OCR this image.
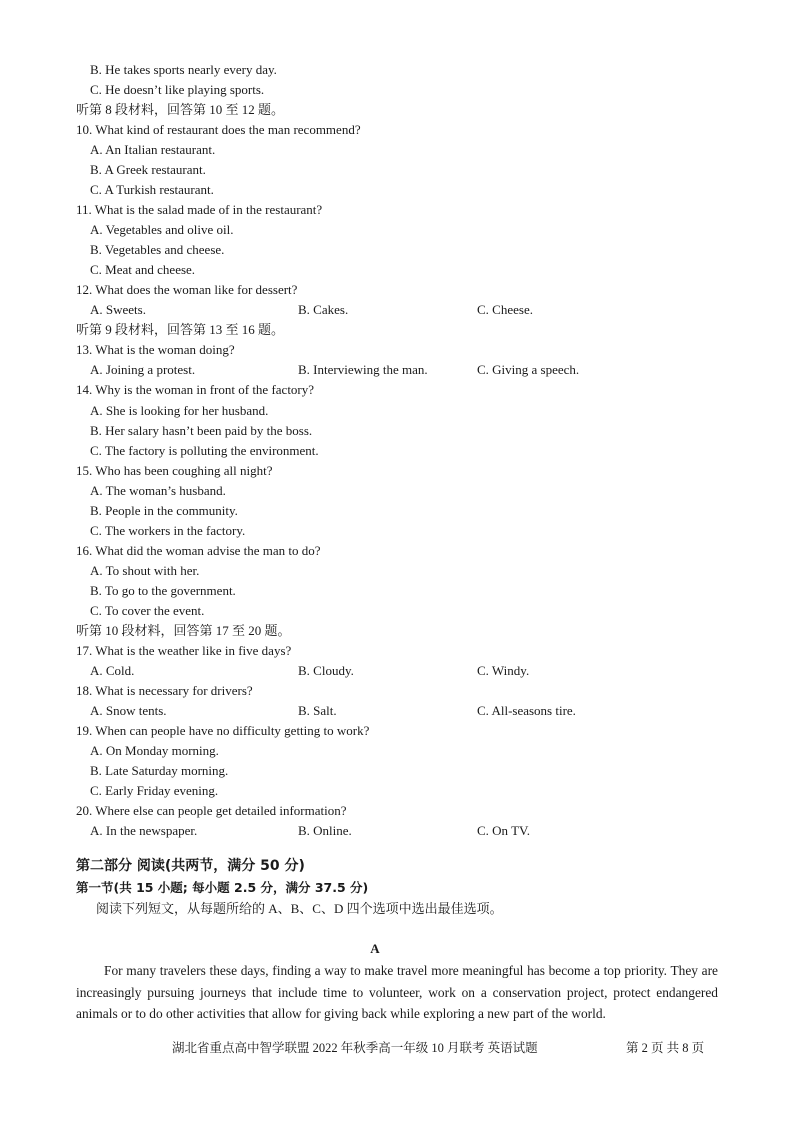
B. He takes sports nearly every day.
C. He doesn’t like playing sports.
听第 8 段材料，回答第 10 至 12 题。
10. What kind of restaurant does the man recommend?
A. An Italian restaurant.
B. A Greek restaurant.
C. A Turkish restaurant.
11. What is the salad made of in the restaurant?
A. Vegetables and olive oil.
B. Vegetables and cheese.
C. Meat and cheese.
12. What does the woman like for dessert?
A. Sweets.	B. Cakes.	C. Cheese.
听第 9 段材料，回答第 13 至 16 题。
13. What is the woman doing?
A. Joining a protest.	B. Interviewing the man.	C. Giving a speech.
14. Why is the woman in front of the factory?
A. She is looking for her husband.
B. Her salary hasn’t been paid by the boss.
C. The factory is polluting the environment.
15. Who has been coughing all night?
A. The woman’s husband.
B. People in the community.
C. The workers in the factory.
16. What did the woman advise the man to do?
A. To shout with her.
B. To go to the government.
C. To cover the event.
听第 10 段材料，回答第 17 至 20 题。
17. What is the weather like in five days?
A. Cold.	B. Cloudy.	C. Windy.
18. What is necessary for drivers?
A. Snow tents.	B. Salt.	C. All-seasons tire.
19. When can people have no difficulty getting to work?
A. On Monday morning.
B. Late Saturday morning.
C. Early Friday evening.
20. Where else can people get detailed information?
A. In the newspaper.	B. Online.	C. On TV.
第二部分 阅读(共两节，满分 50 分)
第一节(共 15 小题; 每小题 2.5 分，满分 37.5 分)
阅读下列短文，从每题所给的 A、B、C、D 四个选项中选出最佳选项。
A
For many travelers these days, finding a way to make travel more meaningful has become a top priority. They are increasingly pursuing journeys that include time to volunteer, work on a conservation project, protect endangered animals or to do other activities that allow for giving back while exploring a new part of the world.
湖北省重点高中智学联盟 2022 年秋季高一年级 10 月联考 英语试题	第 2 页 共 8 页
